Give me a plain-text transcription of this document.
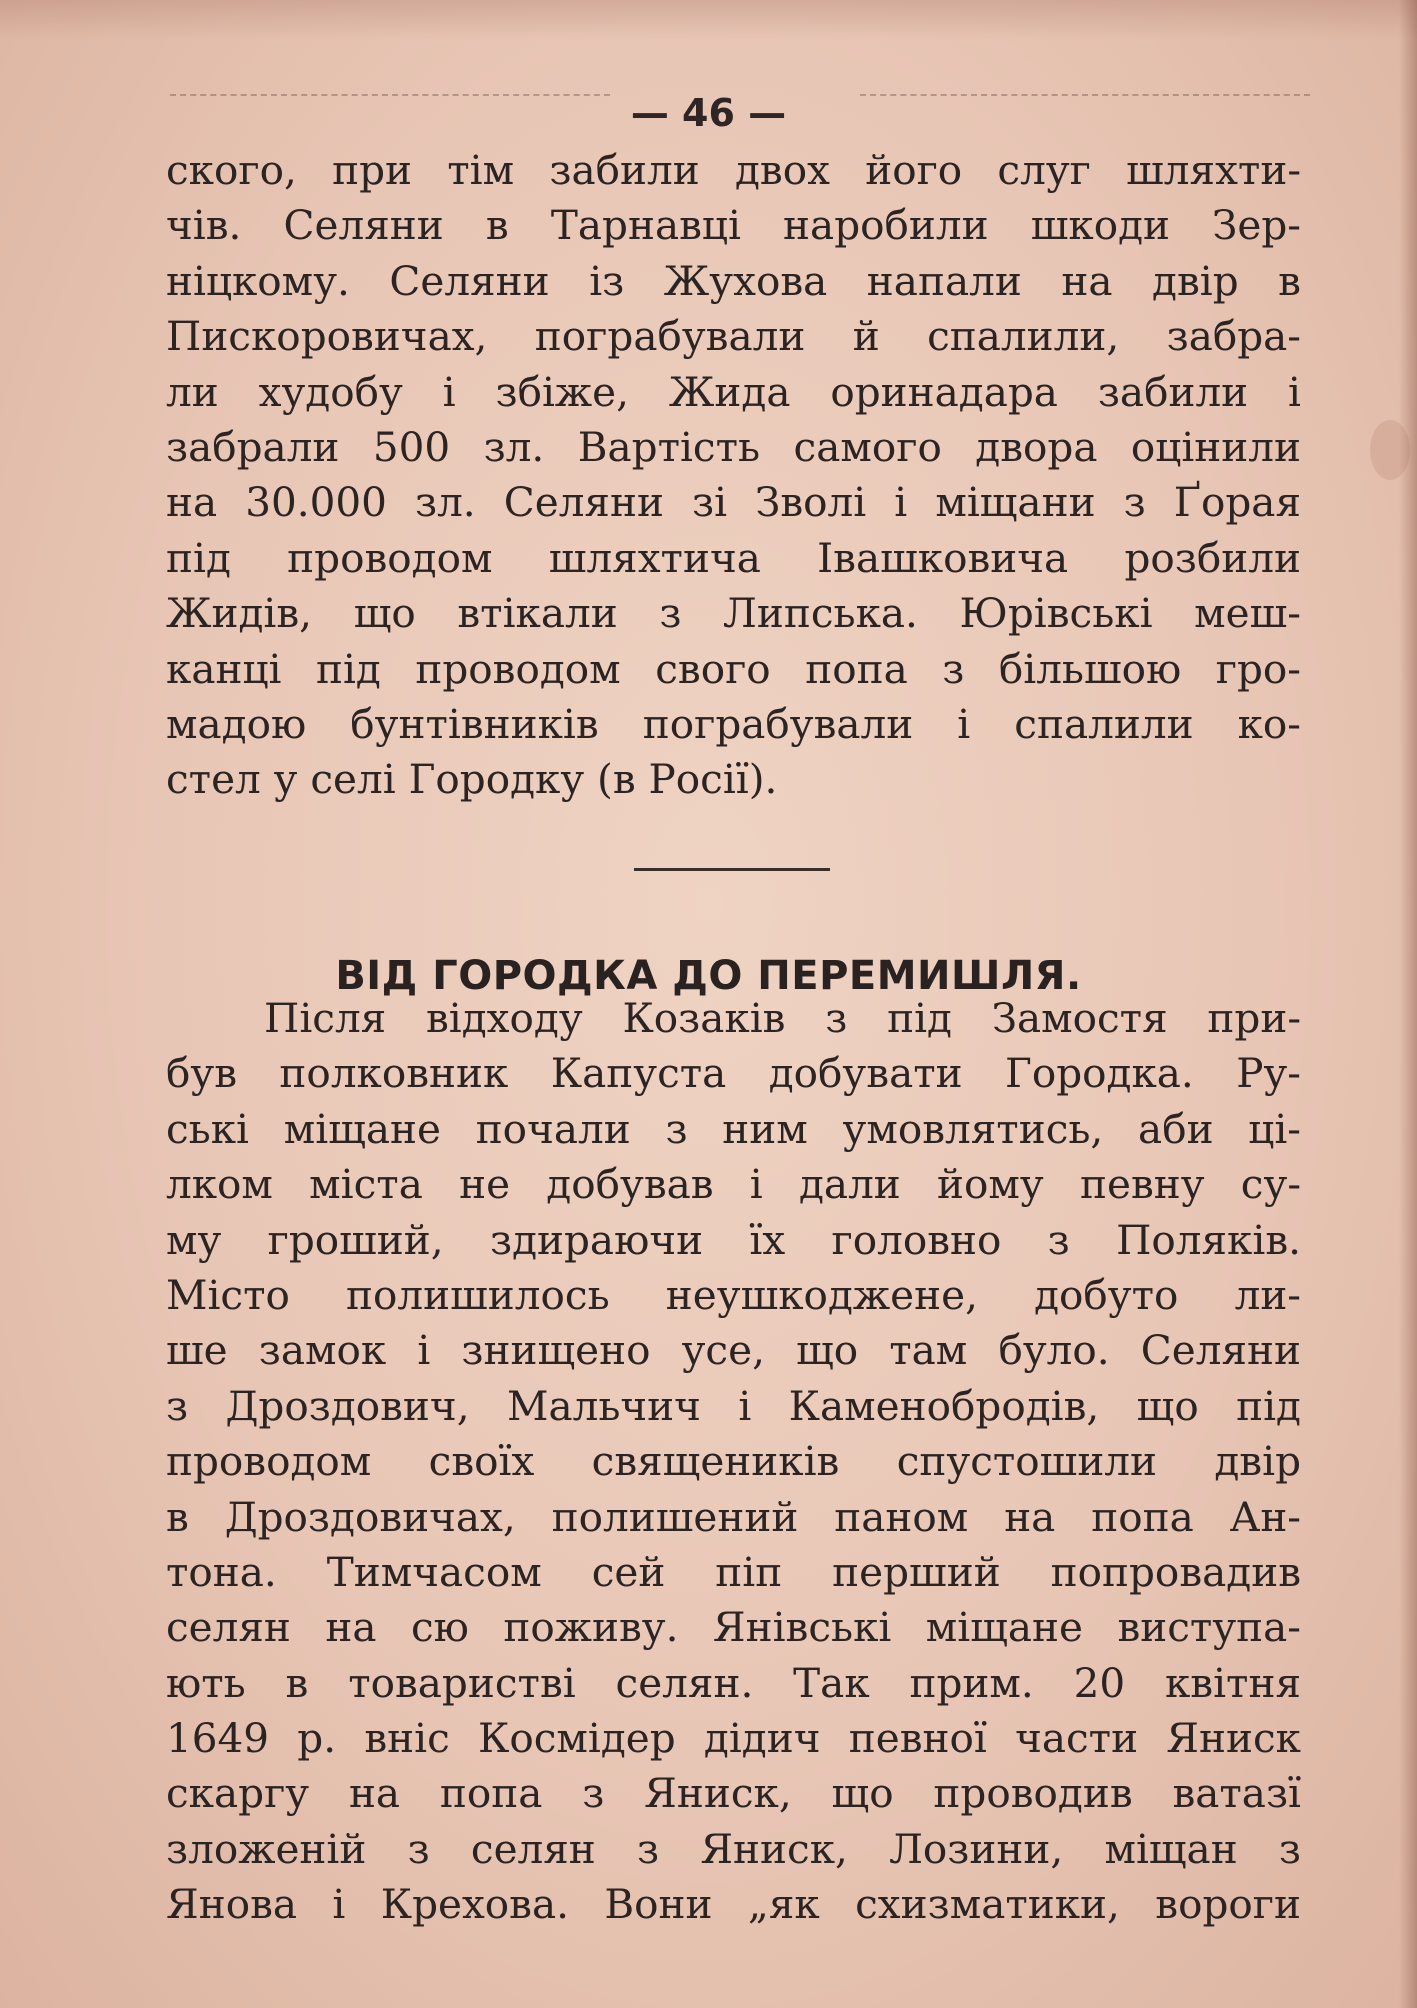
— 46 —
ского, при тім забили двох його слуг шляхти-
чів. Селяни в Тарнавці наробили шкоди Зер-
ніцкому. Селяни із Жухова напали на двір в
Пискоровичах, пограбували й спалили, забра-
ли худобу і збіже, Жида оринадара забили і
забрали 500 зл. Вартість самого двора оцінили
на 30.000 зл. Селяни зі Зволі і міщани з Ґорая
під проводом шляхтича Івашковича розбили
Жидів, що втікали з Липська. Юрівські меш-
канці під проводом свого попа з більшою гро-
мадою бунтівників пограбували і спалили ко-
стел у селі Городку (в Росії).
ВІД ГОРОДКА ДО ПЕРЕМИШЛЯ.
Після відходу Козаків з під Замостя при-
був полковник Капуста добувати Городка. Ру-
ські міщане почали з ним умовлятись, аби ці-
лком міста не добував і дали йому певну су-
му гроший, здираючи їх головно з Поляків.
Місто полишилось неушкоджене, добуто ли-
ше замок і знищено усе, що там було. Селяни
з Дроздович, Мальчич і Каменобродів, що під
проводом своїх священиків спустошили двір
в Дроздовичах, полишений паном на попа Ан-
тона. Тимчасом сей піп перший попровадив
селян на сю поживу. Янівські міщане виступа-
ють в товаристві селян. Так прим. 20 квітня
1649 р. вніс Космідер дідич певної части Яниск
скаргу на попа з Яниск, що проводив ватазї
зложеній з селян з Яниск, Лозини, міщан з
Янова і Крехова. Вони „як схизматики, вороги
